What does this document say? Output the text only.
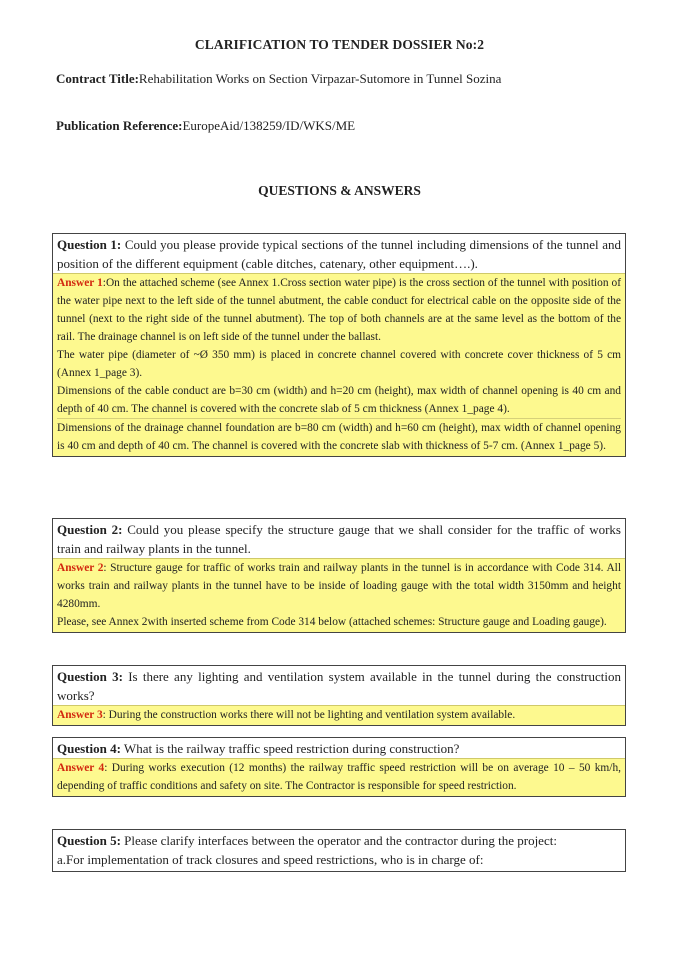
CLARIFICATION TO TENDER DOSSIER No:2
Contract Title:Rehabilitation Works on Section Virpazar-Sutomore in Tunnel Sozina
Publication Reference:EuropeAid/138259/ID/WKS/ME
QUESTIONS & ANSWERS
Question 1: Could you please provide typical sections of the tunnel including dimensions of the tunnel and position of the different equipment (cable ditches, catenary, other equipment….).

Answer 1:On the attached scheme (see Annex 1.Cross section water pipe) is the cross section of the tunnel with position of the water pipe next to the left side of the tunnel abutment, the cable conduct for electrical cable on the opposite side of the tunnel (next to the right side of the tunnel abutment). The top of both channels are at the same level as the bottom of the rail. The drainage channel is on left side of the tunnel under the ballast.

The water pipe (diameter of ~Ø 350 mm) is placed in concrete channel covered with concrete cover thickness of 5 cm (Annex 1_page 3).

Dimensions of the cable conduct are b=30 cm (width) and h=20 cm (height), max width of channel opening is 40 cm and depth of 40 cm. The channel is covered with the concrete slab of 5 cm thickness (Annex 1_page 4).

Dimensions of the drainage channel foundation are b=80 cm (width) and h=60 cm (height), max width of channel opening is 40 cm and depth of 40 cm. The channel is covered with the concrete slab with thickness of 5-7 cm. (Annex 1_page 5).

Question 2: Could you please specify the structure gauge that we shall consider for the traffic of works train and railway plants in the tunnel.

Answer 2: Structure gauge for traffic of works train and railway plants in the tunnel is in accordance with Code 314. All works train and railway plants in the tunnel have to be inside of loading gauge with the total width 3150mm and height 4280mm.

Please, see Annex 2with inserted scheme from Code 314 below (attached schemes: Structure gauge and Loading gauge).

Question 3: Is there any lighting and ventilation system available in the tunnel during the construction works?

Answer 3: During the construction works there will not be lighting and ventilation system available.

Question 4: What is the railway traffic speed restriction during construction?

Answer 4: During works execution (12 months) the railway traffic speed restriction will be on average 10 – 50 km/h, depending of traffic conditions and safety on site. The Contractor is responsible for speed restriction.

Question 5: Please clarify interfaces between the operator and the contractor during the project:
a.For implementation of track closures and speed restrictions, who is in charge of:
